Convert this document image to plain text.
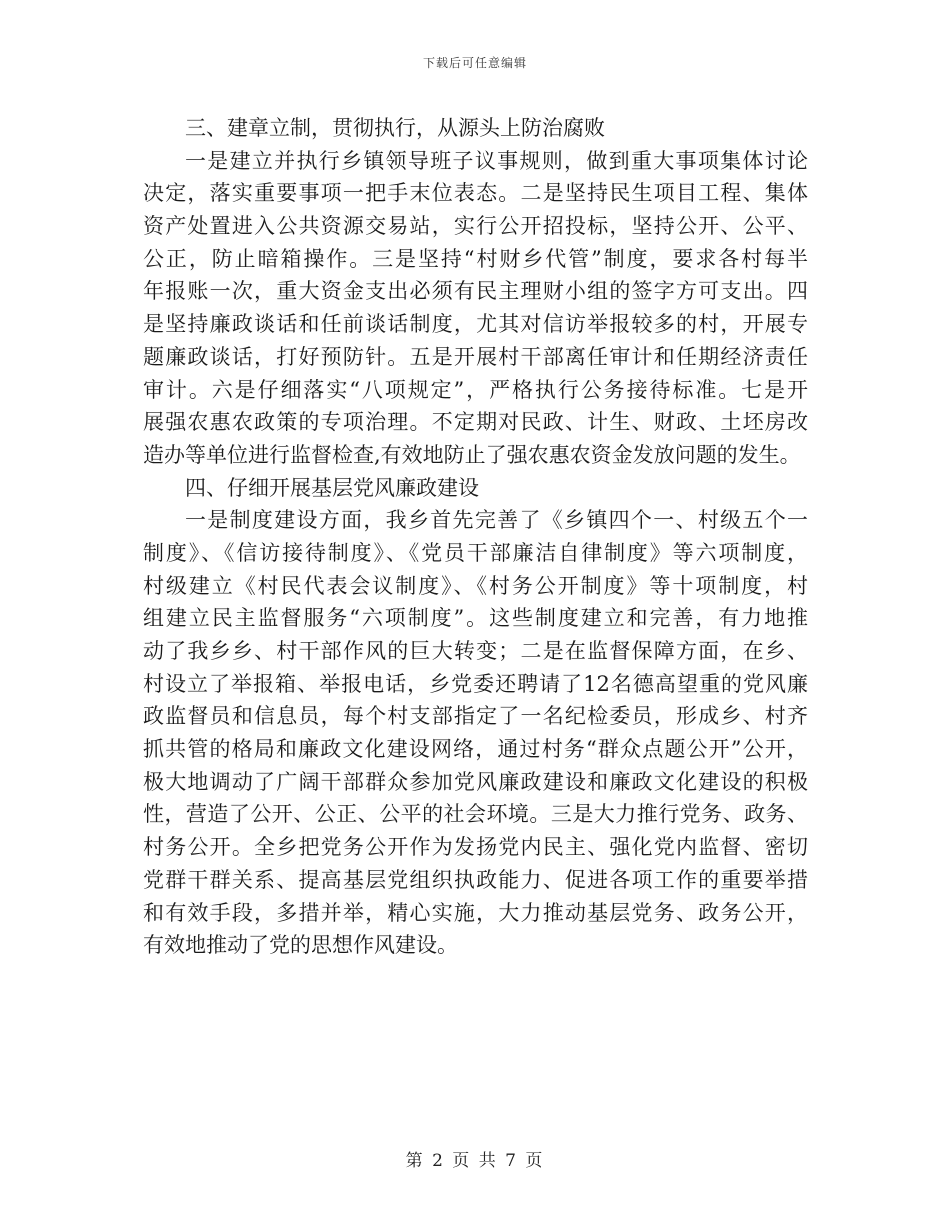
下载后可任意编辑
三、建章立制，贯彻执行，从源头上防治腐败
一是建立并执行乡镇领导班子议事规则，做到重大事项集体讨论
决定，落实重要事项一把手末位表态。二是坚持民生项目工程、集体
资产处置进入公共资源交易站，实行公开招投标，坚持公开、公平、
公正，防止暗箱操作。三是坚持“村财乡代管”制度，要求各村每半
年报账一次，重大资金支出必须有民主理财小组的签字方可支出。四
是坚持廉政谈话和任前谈话制度，尤其对信访举报较多的村，开展专
题廉政谈话，打好预防针。五是开展村干部离任审计和任期经济责任
审计。六是仔细落实“八项规定”，严格执行公务接待标准。七是开
展强农惠农政策的专项治理。不定期对民政、计生、财政、土坯房改
造办等单位进行监督检查,有效地防止了强农惠农资金发放问题的发生。
四、仔细开展基层党风廉政建设
一是制度建设方面，我乡首先完善了《乡镇四个一、村级五个一
制度》、《信访接待制度》、《党员干部廉洁自律制度》等六项制度，
村级建立《村民代表会议制度》、《村务公开制度》等十项制度，村
组建立民主监督服务“六项制度”。这些制度建立和完善，有力地推
动了我乡乡、村干部作风的巨大转变；二是在监督保障方面，在乡、
村设立了举报箱、举报电话，乡党委还聘请了12名德高望重的党风廉
政监督员和信息员，每个村支部指定了一名纪检委员，形成乡、村齐
抓共管的格局和廉政文化建设网络，通过村务“群众点题公开”公开，
极大地调动了广阔干部群众参加党风廉政建设和廉政文化建设的积极
性，营造了公开、公正、公平的社会环境。三是大力推行党务、政务、
村务公开。全乡把党务公开作为发扬党内民主、强化党内监督、密切
党群干群关系、提高基层党组织执政能力、促进各项工作的重要举措
和有效手段，多措并举，精心实施，大力推动基层党务、政务公开，
有效地推动了党的思想作风建设。
第 2 页 共 7 页
